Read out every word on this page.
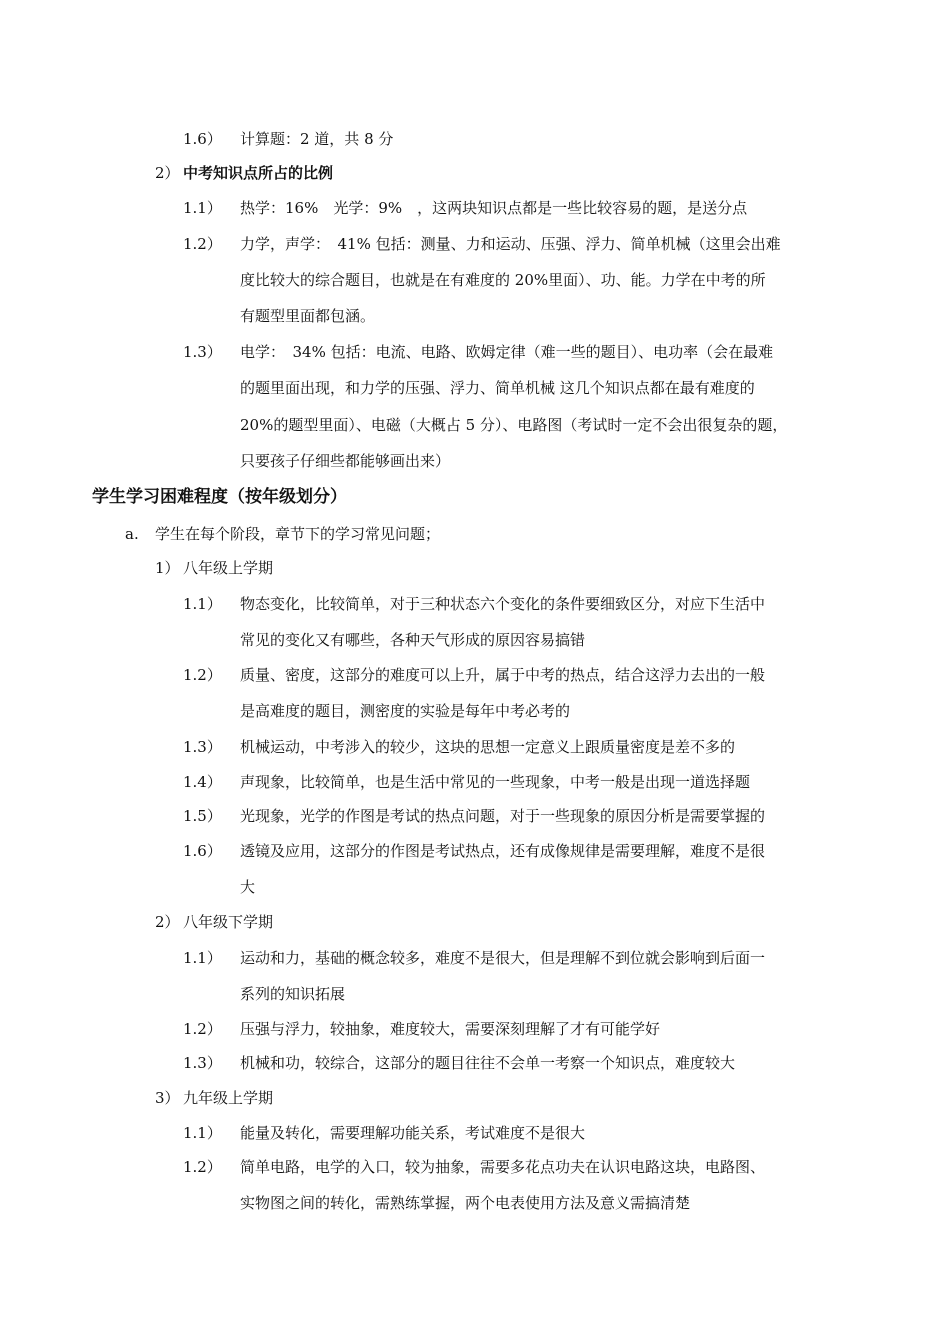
1.6） 计算题：2 道，共 8 分
2） 中考知识点所占的比例
1.1） 热学：16%　光学：9%　，这两块知识点都是一些比较容易的题，是送分点
1.2） 力学，声学：　41% 包括：测量、力和运动、压强、浮力、简单机械（这里会出难
度比较大的综合题目，也就是在有难度的 20%里面）、功、能。力学在中考的所
有题型里面都包涵。
1.3） 电学：　34% 包括：电流、电路、欧姆定律（难一些的题目）、电功率（会在最难
的题里面出现，和力学的压强、浮力、简单机械 这几个知识点都在最有难度的
20%的题型里面）、电磁（大概占 5 分）、电路图（考试时一定不会出很复杂的题，
只要孩子仔细些都能够画出来）
学生学习困难程度（按年级划分）
a. 学生在每个阶段，章节下的学习常见问题；
1） 八年级上学期
1.1） 物态变化，比较简单，对于三种状态六个变化的条件要细致区分，对应下生活中
常见的变化又有哪些，各种天气形成的原因容易搞错
1.2） 质量、密度，这部分的难度可以上升，属于中考的热点，结合这浮力去出的一般
是高难度的题目，测密度的实验是每年中考必考的
1.3） 机械运动，中考涉入的较少，这块的思想一定意义上跟质量密度是差不多的
1.4） 声现象，比较简单，也是生活中常见的一些现象，中考一般是出现一道选择题
1.5） 光现象，光学的作图是考试的热点问题，对于一些现象的原因分析是需要掌握的
1.6） 透镜及应用，这部分的作图是考试热点，还有成像规律是需要理解，难度不是很
大
2） 八年级下学期
1.1） 运动和力，基础的概念较多，难度不是很大，但是理解不到位就会影响到后面一
系列的知识拓展
1.2） 压强与浮力，较抽象，难度较大，需要深刻理解了才有可能学好
1.3） 机械和功，较综合，这部分的题目往往不会单一考察一个知识点，难度较大
3） 九年级上学期
1.1） 能量及转化，需要理解功能关系，考试难度不是很大
1.2） 简单电路，电学的入口，较为抽象，需要多花点功夫在认识电路这块，电路图、
实物图之间的转化，需熟练掌握，两个电表使用方法及意义需搞清楚
